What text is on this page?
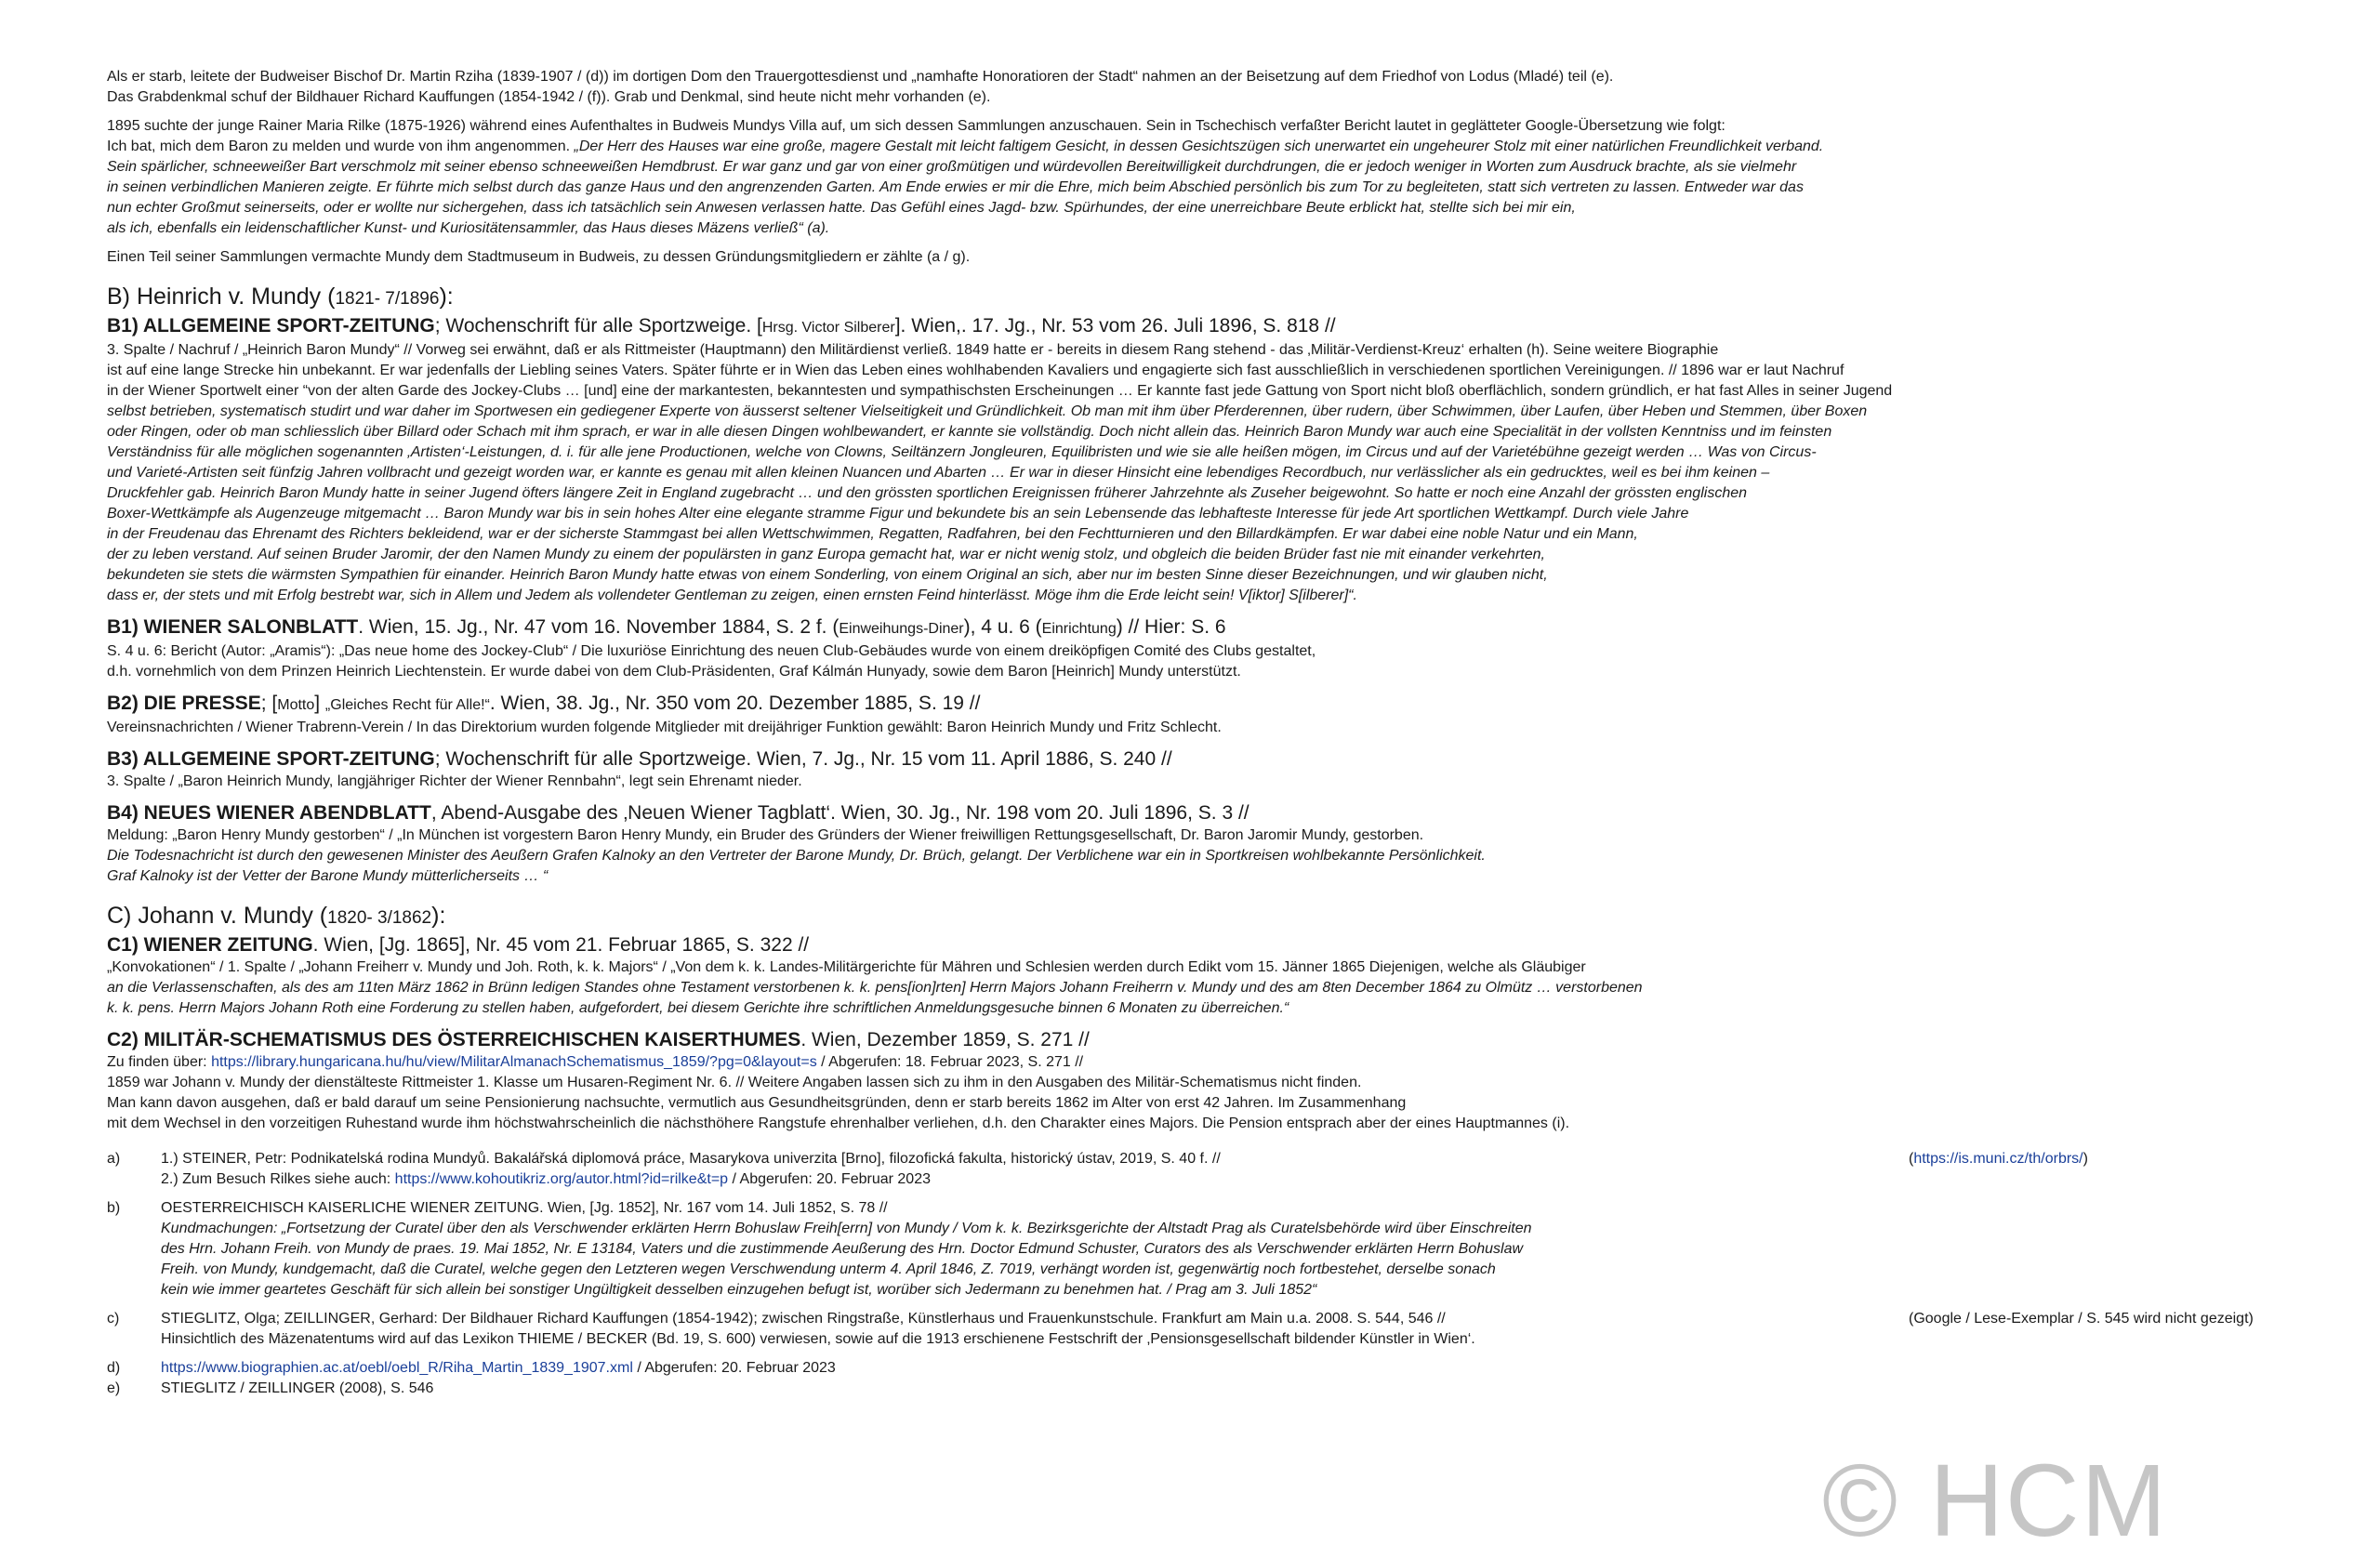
Als er starb, leitete der Budweiser Bischof Dr. Martin Rziha (1839-1907 / (d)) im dortigen Dom den Trauergottesdienst und „namhafte Honoratioren der Stadt“ nahmen an der Beisetzung auf dem Friedhof von Lodus (Mladé) teil (e).

Das Grabdenkmal schuf der Bildhauer Richard Kauffungen (1854-1942 / (f)). Grab und Denkmal, sind heute nicht mehr vorhanden (e).

1895 suchte der junge Rainer Maria Rilke (1875-1926) während eines Aufenthaltes in Budweis Mundys Villa auf, um sich dessen Sammlungen anzuschauen. Sein in Tschechisch verfaßter Bericht lautet in geglätteter Google-Übersetzung wie folgt:

Ich bat, mich dem Baron zu melden und wurde von ihm angenommen. „Der Herr des Hauses war eine große, magere Gestalt mit leicht faltigem Gesicht, in dessen Gesichtszügen sich unerwartet ein ungeheurer Stolz mit einer natürlichen Freundlichkeit verband.

Sein spärlicher, schneeweißer Bart verschmolz mit seiner ebenso schneeweißen Hemdbrust. Er war ganz und gar von einer großmütigen und würdevollen Bereitwilligkeit durchdrungen, die er jedoch weniger in Worten zum Ausdruck brachte, als sie vielmehr

in seinen verbindlichen Manieren zeigte. Er führte mich selbst durch das ganze Haus und den angrenzenden Garten. Am Ende erwies er mir die Ehre, mich beim Abschied persönlich bis zum Tor zu begleiteten, statt sich vertreten zu lassen. Entweder war das

nun echter Großmut seinerseits, oder er wollte nur sichergehen, dass ich tatsächlich sein Anwesen verlassen hatte. Das Gefühl eines Jagd- bzw. Spürhundes, der eine unerreichbare Beute erblickt hat, stellte sich bei mir ein,

als ich, ebenfalls ein leidenschaftlicher Kunst- und Kuriositätensammler, das Haus dieses Mäzens verließ“ (a).

Einen Teil seiner Sammlungen vermachte Mundy dem Stadtmuseum in Budweis, zu dessen Gründungsmitgliedern er zählte (a / g).

B) Heinrich v. Mundy (1821- 7/1896):

B1) ALLGEMEINE SPORT-ZEITUNG; Wochenschrift für alle Sportzweige. [Hrsg. Victor Silberer]. Wien,. 17. Jg., Nr. 53 vom 26. Juli 1896, S. 818 //

3. Spalte / Nachruf / „Heinrich Baron Mundy“ // Vorweg sei erwähnt, daß er als Rittmeister (Hauptmann) den Militärdienst verließ. 1849 hatte er - bereits in diesem Rang stehend - das ‚Militär-Verdienst-Kreuz‘ erhalten (h). Seine weitere Biographie

ist auf eine lange Strecke hin unbekannt. Er war jedenfalls der Liebling seines Vaters. Später führte er in Wien das Leben eines wohlhabenden Kavaliers und engagierte sich fast ausschließlich in verschiedenen sportlichen Vereinigungen. // 1896 war er laut Nachruf

in der Wiener Sportwelt einer “von der alten Garde des Jockey-Clubs … [und] eine der markantesten, bekanntesten und sympathischsten Erscheinungen … Er kannte fast jede Gattung von Sport nicht bloß oberflächlich, sondern gründlich, er hat fast Alles in seiner Jugend

selbst betrieben, systematisch studirt und war daher im Sportwesen ein gediegener Experte von äusserst seltener Vielseitigkeit und Gründlichkeit. Ob man mit ihm über Pferderennen, über rudern, über Schwimmen, über Laufen, über Heben und Stemmen, über Boxen

oder Ringen, oder ob man schliesslich über Billard oder Schach mit ihm sprach, er war in alle diesen Dingen wohlbewandert, er kannte sie vollständig. Doch nicht allein das. Heinrich Baron Mundy war auch eine Specialität in der vollsten Kenntniss und im feinsten

Verständniss für alle möglichen sogenannten ‚Artisten‘-Leistungen, d. i. für alle jene Productionen, welche von Clowns, Seiltänzern Jongleuren, Equilibristen und wie sie alle heißen mögen, im Circus und auf der Varietébühne gezeigt werden … Was von Circus-

und Varieté-Artisten seit fünfzig Jahren vollbracht und gezeigt worden war, er kannte es genau mit allen kleinen Nuancen und Abarten … Er war in dieser Hinsicht eine lebendiges Recordbuch, nur verlässlicher als ein gedrucktes, weil es bei ihm keinen –

Druckfehler gab. Heinrich Baron Mundy hatte in seiner Jugend öfters längere Zeit in England zugebracht … und den grössten sportlichen Ereignissen früherer Jahrzehnte als Zuseher beigewohnt. So hatte er noch eine Anzahl der grössten englischen

Boxer-Wettkämpfe als Augenzeuge mitgemacht … Baron Mundy war bis in sein hohes Alter eine elegante stramme Figur und bekundete bis an sein Lebensende das lebhafteste Interesse für jede Art sportlichen Wettkampf. Durch viele Jahre

in der Freudenau das Ehrenamt des Richters bekleidend, war er der sicherste Stammgast bei allen Wettschwimmen, Regatten, Radfahren, bei den Fechtturnieren und den Billardkämpfen. Er war dabei eine noble Natur und ein Mann,

der zu leben verstand. Auf seinen Bruder Jaromir, der den Namen Mundy zu einem der populärsten in ganz Europa gemacht hat, war er nicht wenig stolz, und obgleich die beiden Brüder fast nie mit einander verkehrten,

bekundeten sie stets die wärmsten Sympathien für einander. Heinrich Baron Mundy hatte etwas von einem Sonderling, von einem Original an sich, aber nur im besten Sinne dieser Bezeichnungen, und wir glauben nicht,

dass er, der stets und mit Erfolg bestrebt war, sich in Allem und Jedem als vollendeter Gentleman zu zeigen, einen ernsten Feind hinterlässt. Möge ihm die Erde leicht sein! V[iktor] S[ilberer]“.

B1) WIENER SALONBLATT. Wien, 15. Jg., Nr. 47 vom 16. November 1884, S. 2 f. (Einweihungs-Diner), 4 u. 6 (Einrichtung) // Hier: S. 6

S. 4 u. 6: Bericht (Autor: „Aramis“): „Das neue home des Jockey-Club“ / Die luxuriöse Einrichtung des neuen Club-Gebäudes wurde von einem dreiköpfigen Comité des Clubs gestaltet,

d.h. vornehmlich von dem Prinzen Heinrich Liechtenstein. Er wurde dabei von dem Club-Präsidenten, Graf Kálmán Hunyady, sowie dem Baron [Heinrich] Mundy unterstützt.

B2) DIE PRESSE; [Motto] „Gleiches Recht für Alle!“. Wien, 38. Jg., Nr. 350 vom 20. Dezember 1885, S. 19 //

Vereinsnachrichten / Wiener Trabrenn-Verein / In das Direktorium wurden folgende Mitglieder mit dreijähriger Funktion gewählt: Baron Heinrich Mundy und Fritz Schlecht.

B3) ALLGEMEINE SPORT-ZEITUNG; Wochenschrift für alle Sportzweige. Wien, 7. Jg., Nr. 15 vom 11. April 1886, S. 240 //

3. Spalte / „Baron Heinrich Mundy, langjähriger Richter der Wiener Rennbahn“, legt sein Ehrenamt nieder.

B4) NEUES WIENER ABENDBLATT, Abend-Ausgabe des ‚Neuen Wiener Tagblatt‘. Wien, 30. Jg., Nr. 198 vom 20. Juli 1896, S. 3 //

Meldung: „Baron Henry Mundy gestorben“ / „In München ist vorgestern Baron Henry Mundy, ein Bruder des Gründers der Wiener freiwilligen Rettungsgesellschaft, Dr. Baron Jaromir Mundy, gestorben.

Die Todesnachricht ist durch den gewesenen Minister des Aeußern Grafen Kalnoky an den Vertreter der Barone Mundy, Dr. Brüch, gelangt. Der Verblichene war ein in Sportkreisen wohlbekannte Persönlichkeit.

Graf Kalnoky ist der Vetter der Barone Mundy mütterlicherseits … “

C) Johann v. Mundy (1820- 3/1862):

C1) WIENER ZEITUNG. Wien, [Jg. 1865], Nr. 45 vom 21. Februar 1865, S. 322 //

„Konvokationen“ / 1. Spalte / „Johann Freiherr v. Mundy und Joh. Roth, k. k. Majors“ / „Von dem k. k. Landes-Militärgerichte für Mähren und Schlesien werden durch Edikt vom 15. Jänner 1865 Diejenigen, welche als Gläubiger

an die Verlassenschaften, als des am 11ten März 1862 in Brünn ledigen Standes ohne Testament verstorbenen k. k. pens[ion]rten] Herrn Majors Johann Freiherrn v. Mundy und des am 8ten December 1864 zu Olmütz … verstorbenen

k. k. pens. Herrn Majors Johann Roth eine Forderung zu stellen haben, aufgefordert, bei diesem Gerichte ihre schriftlichen Anmeldungsgesuche binnen 6 Monaten zu überreichen.“

C2) MILITÄR-SCHEMATISMUS DES ÖSTERREICHISCHEN KAISERTHUMES. Wien, Dezember 1859, S. 271 //

Zu finden über: https://library.hungaricana.hu/hu/view/MilitarAlmanachSchematismus_1859/?pg=0&layout=s / Abgerufen: 18. Februar 2023, S. 271 //

1859 war Johann v. Mundy der dienstälteste Rittmeister 1. Klasse um Husaren-Regiment Nr. 6. // Weitere Angaben lassen sich zu ihm in den Ausgaben des Militär-Schematismus nicht finden.

Man kann davon ausgehen, daß er bald darauf um seine Pensionierung nachsuchte, vermutlich aus Gesundheitsgründen, denn er starb bereits 1862 im Alter von erst 42 Jahren. Im Zusammenhang

mit dem Wechsel in den vorzeitigen Ruhestand wurde ihm höchstwahrscheinlich die nächsthöhere Rangstufe ehrenhalber verliehen, d.h. den Charakter eines Majors. Die Pension entsprach aber der eines Hauptmannes (i).

a)	1.) STEINER, Petr: Podnikatelská rodina Mundyů. Bakalářská diplomová práce, Masarykova univerzita [Brno], filozofická fakulta, historický ústav, 2019, S. 40 f. //	(https://is.muni.cz/th/orbrs/)
2.) Zum Besuch Rilkes siehe auch: https://www.kohoutikriz.org/autor.html?id=rilke&t=p / Abgerufen: 20. Februar 2023
b)	OESTERREICHISCH KAISERLICHE WIENER ZEITUNG. Wien, [Jg. 1852], Nr. 167 vom 14. Juli 1852, S. 78 //
Kundmachungen: „Fortsetzung der Curatel über den als Verschwender erklärten Herrn Bohuslaw Freih[errn] von Mundy / Vom k. k. Bezirksgerichte der Altstadt Prag als Curatelsbehörde wird über Einschreiten
des Hrn. Johann Freih. von Mundy de praes. 19. Mai 1852, Nr. E 13184, Vaters und die zustimmende Aeußerung des Hrn. Doctor Edmund Schuster, Curators des als Verschwender erklärten Herrn Bohuslaw
Freih. von Mundy, kundgemacht, daß die Curatel, welche gegen den Letzteren wegen Verschwendung unterm 4. April 1846, Z. 7019, verhängt worden ist, gegenwärtig noch fortbestehet, derselbe sonach
kein wie immer geartetes Geschäft für sich allein bei sonstiger Ungültigkeit desselben einzugehen befugt ist, worüber sich Jedermann zu benehmen hat. / Prag am 3. Juli 1852“
c)	STIEGLITZ, Olga; ZEILLINGER, Gerhard: Der Bildhauer Richard Kauffungen (1854-1942); zwischen Ringstraße, Künstlerhaus und Frauenkunstschule. Frankfurt am Main u.a. 2008. S. 544, 546 //	(Google / Lese-Exemplar / S. 545 wird nicht gezeigt)
Hinsichtlich des Mäzenatentums wird auf das Lexikon THIEME / BECKER (Bd. 19, S. 600) verwiesen, sowie auf die 1913 erschienene Festschrift der ‚Pensionsgesellschaft bildender Künstler in Wien‘.
d)	https://www.biographien.ac.at/oebl/oebl_R/Riha_Martin_1839_1907.xml / Abgerufen: 20. Februar 2023
e)	STIEGLITZ / ZEILLINGER (2008), S. 546
© HCM
